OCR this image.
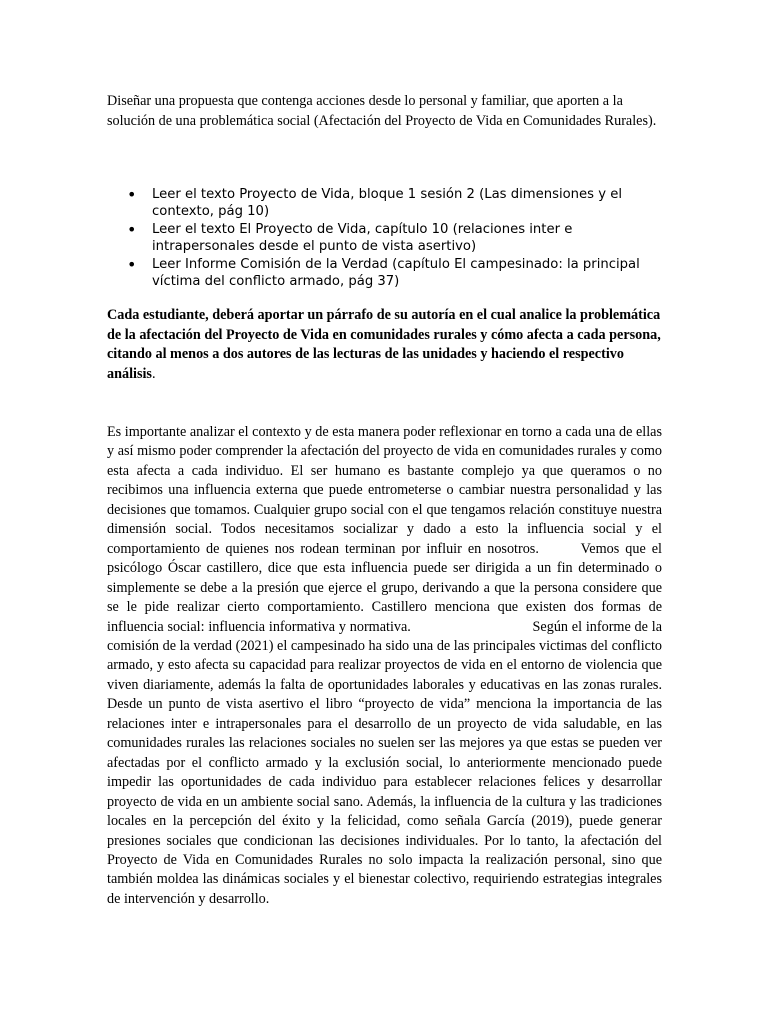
Diseñar una propuesta que contenga acciones desde lo personal y familiar, que aporten a la solución de una problemática social (Afectación del Proyecto de Vida en Comunidades Rurales).
• Leer el texto Proyecto de Vida, bloque 1 sesión 2 (Las dimensiones y el contexto, pág 10)
• Leer el texto El Proyecto de Vida, capítulo 10 (relaciones inter e intrapersonales desde el punto de vista asertivo)
• Leer Informe Comisión de la Verdad (capítulo El campesinado: la principal víctima del conflicto armado, pág 37)
Cada estudiante, deberá aportar un párrafo de su autoría en el cual analice la problemática de la afectación del Proyecto de Vida en comunidades rurales y cómo afecta a cada persona, citando al menos a dos autores de las lecturas de las unidades y haciendo el respectivo análisis.
Es importante analizar el contexto y de esta manera poder reflexionar en torno a cada una de ellas y así mismo poder comprender la afectación del proyecto de vida en comunidades rurales y como esta afecta a cada individuo. El ser humano es bastante complejo ya que queramos o no recibimos una influencia externa que puede entrometerse o cambiar nuestra personalidad y las decisiones que tomamos. Cualquier grupo social con el que tengamos relación constituye nuestra dimensión social. Todos necesitamos socializar y dado a esto la influencia social y el comportamiento de quienes nos rodean terminan por influir en nosotros.       Vemos que el psicólogo Óscar castillero, dice que esta influencia puede ser dirigida a un fin determinado o simplemente se debe a la presión que ejerce el grupo, derivando a que la persona considere que se le pide realizar cierto comportamiento. Castillero menciona que existen dos formas de influencia social: influencia informativa y normativa.                                Según el informe de la comisión de la verdad (2021) el campesinado ha sido una de las principales victimas del conflicto armado, y esto afecta su capacidad para realizar proyectos de vida en el entorno de violencia que viven diariamente, además la falta de oportunidades laborales y educativas en las zonas rurales. Desde un punto de vista asertivo el libro “proyecto de vida” menciona la importancia de las relaciones inter e intrapersonales para el desarrollo de un proyecto de vida saludable, en las comunidades rurales las relaciones sociales no suelen ser las mejores ya que estas se pueden ver afectadas por el conflicto armado y la exclusión social, lo anteriormente mencionado puede impedir las oportunidades de cada individuo para establecer relaciones felices y desarrollar proyecto de vida en un ambiente social sano. Además, la influencia de la cultura y las tradiciones locales en la percepción del éxito y la felicidad, como señala García (2019), puede generar presiones sociales que condicionan las decisiones individuales. Por lo tanto, la afectación del Proyecto de Vida en Comunidades Rurales no solo impacta la realización personal, sino que también moldea las dinámicas sociales y el bienestar colectivo, requiriendo estrategias integrales de intervención y desarrollo.
